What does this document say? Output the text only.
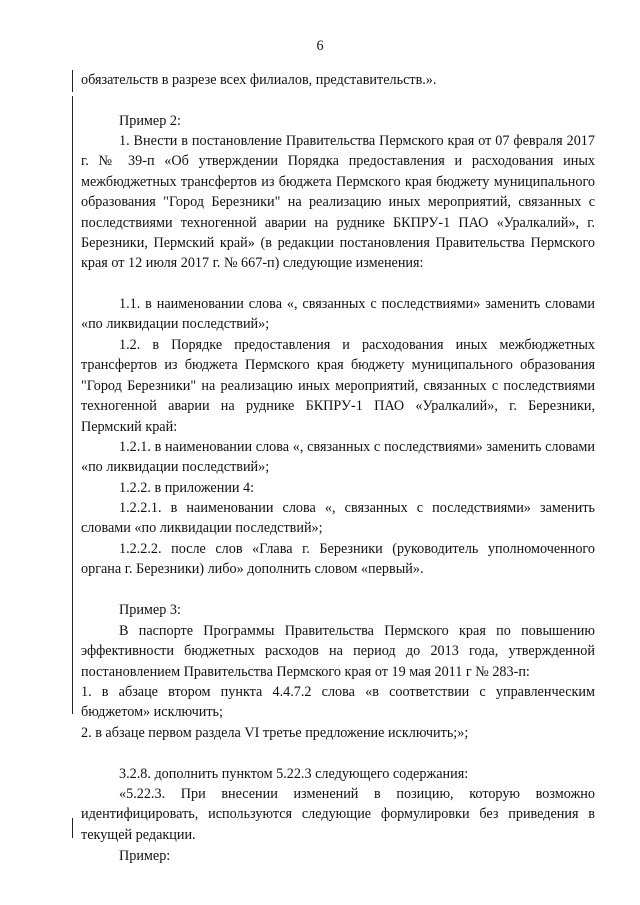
6
обязательств в разрезе всех филиалов, представительств.».
Пример 2:
1. Внести в постановление Правительства Пермского края от 07 февраля 2017 г. № 39-п «Об утверждении Порядка предоставления и расходования иных межбюджетных трансфертов из бюджета Пермского края бюджету муниципального образования "Город Березники" на реализацию иных мероприятий, связанных с последствиями техногенной аварии на руднике БКПРУ-1 ПАО «Уралкалий», г. Березники, Пермский край» (в редакции постановления Правительства Пермского края от 12 июля 2017 г. № 667-п) следующие изменения:
1.1. в наименовании слова «, связанных с последствиями» заменить словами «по ликвидации последствий»;
1.2. в Порядке предоставления и расходования иных межбюджетных трансфертов из бюджета Пермского края бюджету муниципального образования "Город Березники" на реализацию иных мероприятий, связанных с последствиями техногенной аварии на руднике БКПРУ-1 ПАО «Уралкалий», г. Березники, Пермский край:
1.2.1. в наименовании слова «, связанных с последствиями» заменить словами «по ликвидации последствий»;
1.2.2. в приложении 4:
1.2.2.1. в наименовании слова «, связанных с последствиями» заменить словами «по ликвидации последствий»;
1.2.2.2. после слов «Глава г. Березники (руководитель уполномоченного органа г. Березники) либо» дополнить словом «первый».
Пример 3:
В паспорте Программы Правительства Пермского края по повышению эффективности бюджетных расходов на период до 2013 года, утвержденной постановлением Правительства Пермского края от 19 мая 2011 г № 283-п:
1. в абзаце втором пункта 4.4.7.2 слова «в соответствии с управленческим бюджетом» исключить;
2. в абзаце первом раздела VI третье предложение исключить;»;
3.2.8. дополнить пунктом 5.22.3 следующего содержания:
«5.22.3. При внесении изменений в позицию, которую возможно идентифицировать, используются следующие формулировки без приведения в текущей редакции.
Пример:
